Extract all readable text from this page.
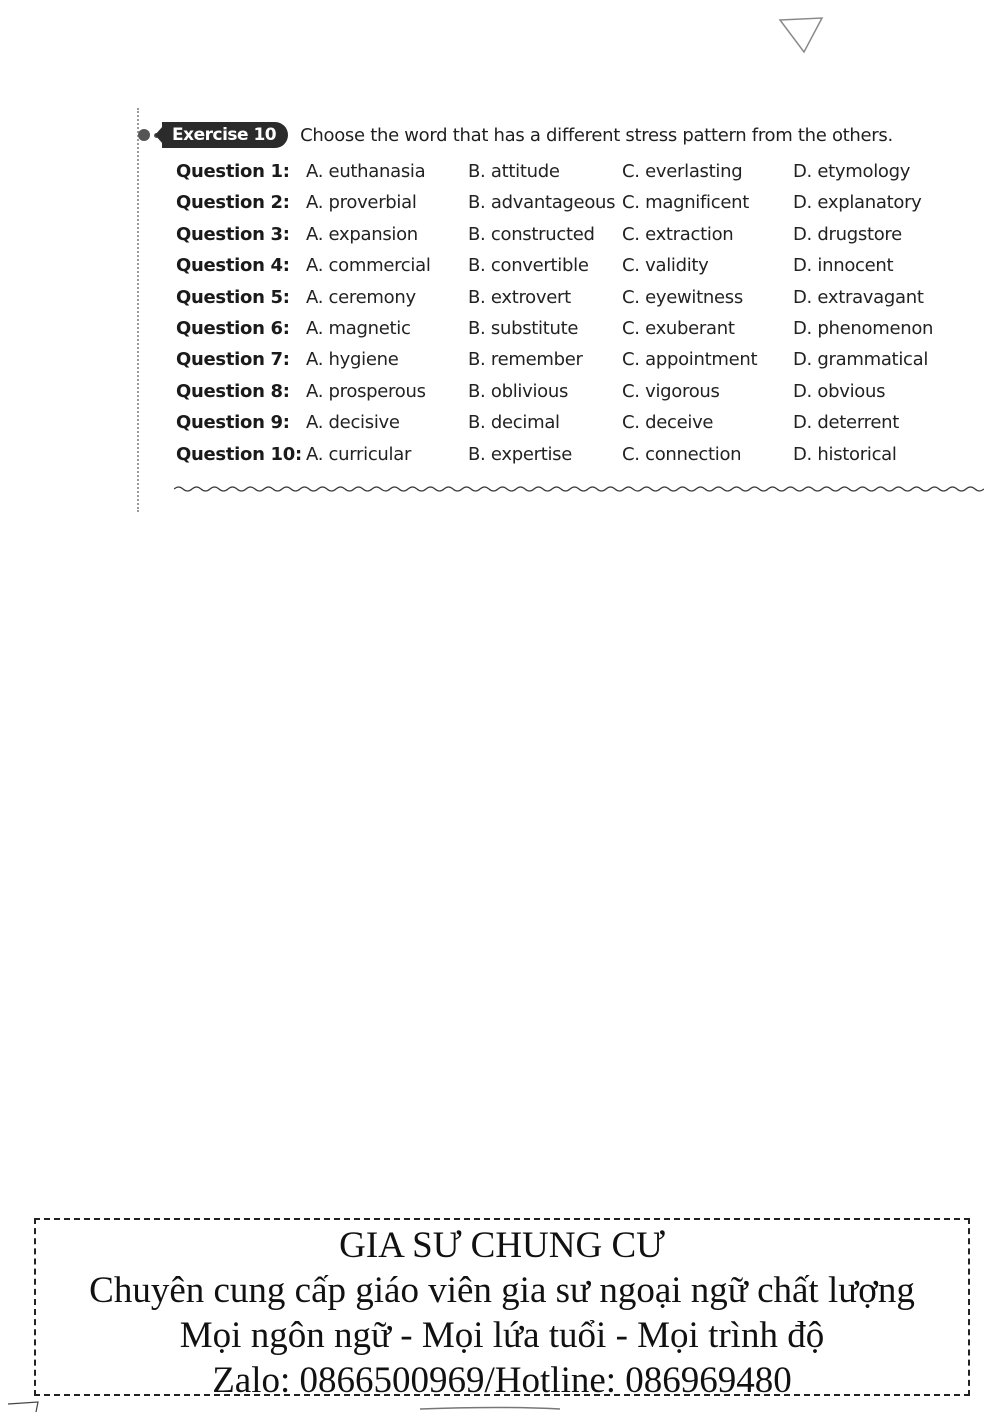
Exercise 10	Choose the word that has a different stress pattern from the others.
Question 1: A. euthanasia B. attitude	C. everlasting	D. etymology
Question 2: A. proverbial	B. advantageous C. magnificent D. explanatory
Question 3: A. expansion	B. constructed C. extraction	D. drugstore
Question 4: A. commercial B. convertible C. validity	D. innocent
Question 5: A. ceremony	B. extrovert	C. eyewitness	D. extravagant
Question 6: A. magnetic	B. substitute C. exuberant	D. phenomenon
Question 7: A. hygiene	B. remember C. appointment D. grammatical
Question 8: A. prosperous B. oblivious	C. vigorous	D. obvious
Question 9: A. decisive	B. decimal	C. deceive	D. deterrent
Question 10: A. curricular	B. expertise	C. connection	D. historical
GIA SƯ CHUNG CƯ
Chuyên cung cấp giáo viên gia sư ngoại ngữ chất lượng
Mọi ngôn ngữ - Mọi lứa tuổi - Mọi trình độ
Zalo: 0866500969/Hotline: 086969480
